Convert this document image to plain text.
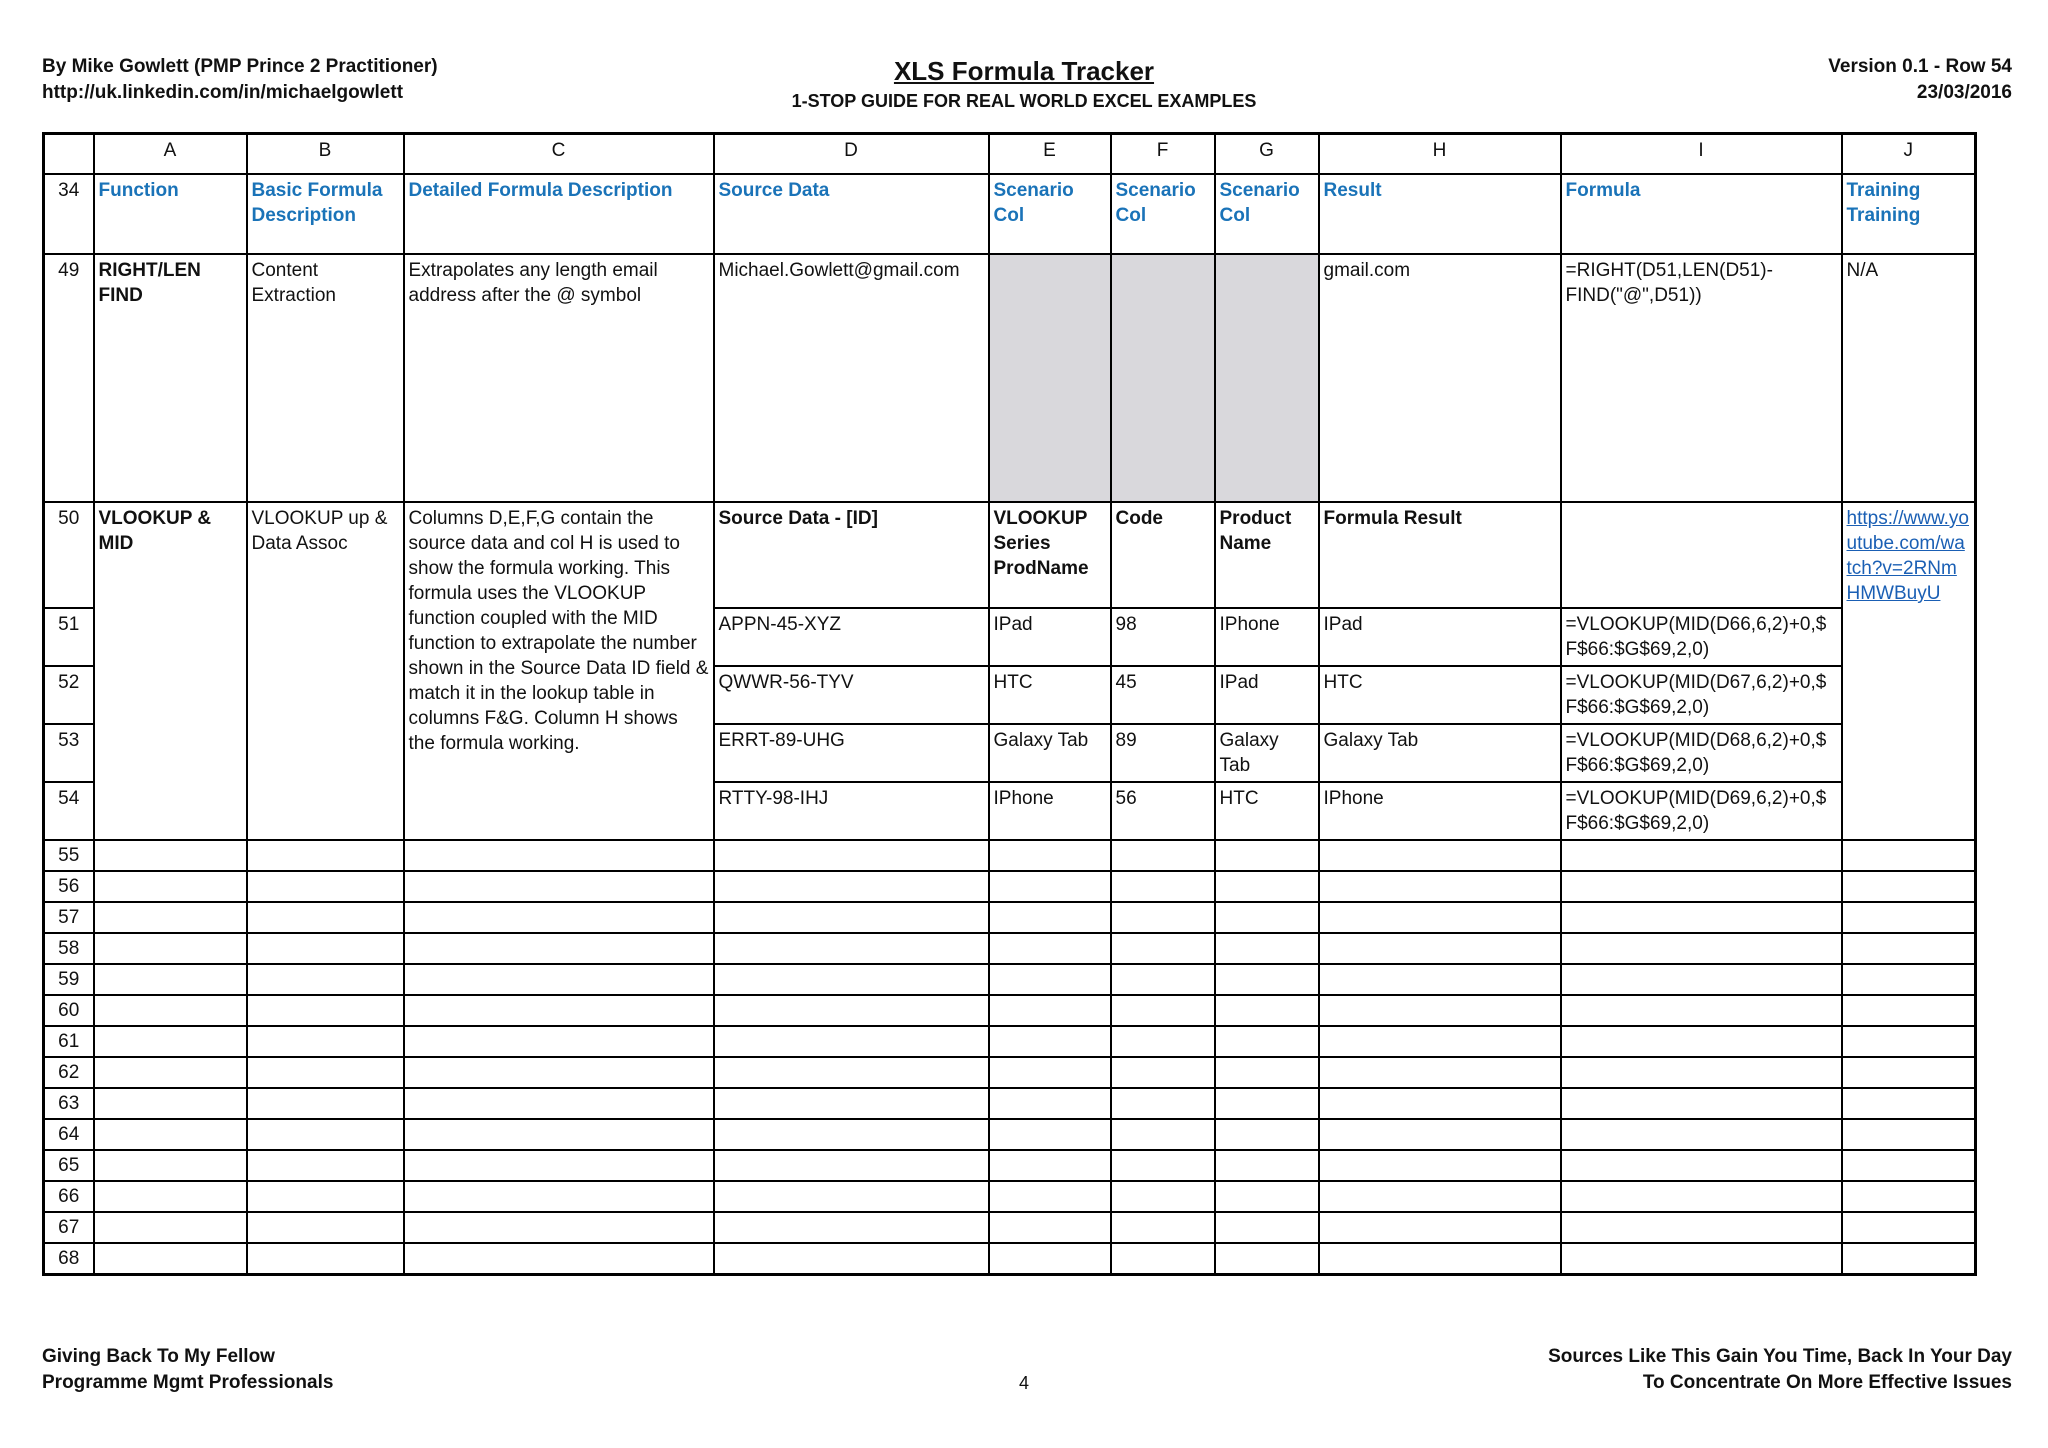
By Mike Gowlett (PMP Prince 2 Practitioner)
http://uk.linkedin.com/in/michaelgowlett
XLS Formula Tracker
1-STOP GUIDE FOR REAL WORLD EXCEL EXAMPLES
Version 0.1 - Row 54
23/03/2016
	A	B	C	D	E	F	G	H	I	J
34	Function	Basic Formula Description	Detailed Formula Description	Source Data	Scenario Col	Scenario Col	Scenario Col	Result	Formula	Training Training
49	RIGHT/LEN FIND	Content Extraction	Extrapolates any length email address after the @ symbol	Michael.Gowlett@gmail.com				gmail.com	=RIGHT(D51,LEN(D51)-FIND("@",D51))	N/A
50	VLOOKUP & MID	VLOOKUP up & Data Assoc	Columns D,E,F,G contain the source data and col H is used to show the formula working. This formula uses the VLOOKUP function coupled with the MID function to extrapolate the number shown in the Source Data ID field & match it in the lookup table in columns F&G. Column H shows the formula working.	Source Data - [ID]	VLOOKUP Series ProdName	Code	Product Name	Formula Result		https://www.youtube.com/watch?v=2RNmHMWBuyU
51				APPN-45-XYZ	IPad	98	IPhone	IPad	=VLOOKUP(MID(D66,6,2)+0,$F$66:$G$69,2,0)	
52				QWWR-56-TYV	HTC	45	IPad	HTC	=VLOOKUP(MID(D67,6,2)+0,$F$66:$G$69,2,0)	
53				ERRT-89-UHG	Galaxy Tab	89	Galaxy Tab	Galaxy Tab	=VLOOKUP(MID(D68,6,2)+0,$F$66:$G$69,2,0)	
54				RTTY-98-IHJ	IPhone	56	HTC	IPhone	=VLOOKUP(MID(D69,6,2)+0,$F$66:$G$69,2,0)	
55										
56										
57										
58										
59										
60										
61										
62										
63										
64										
65										
66										
67										
68										
Giving Back To My Fellow
Programme Mgmt Professionals	4
Sources Like This Gain You Time, Back In Your Day
To Concentrate On More Effective Issues
